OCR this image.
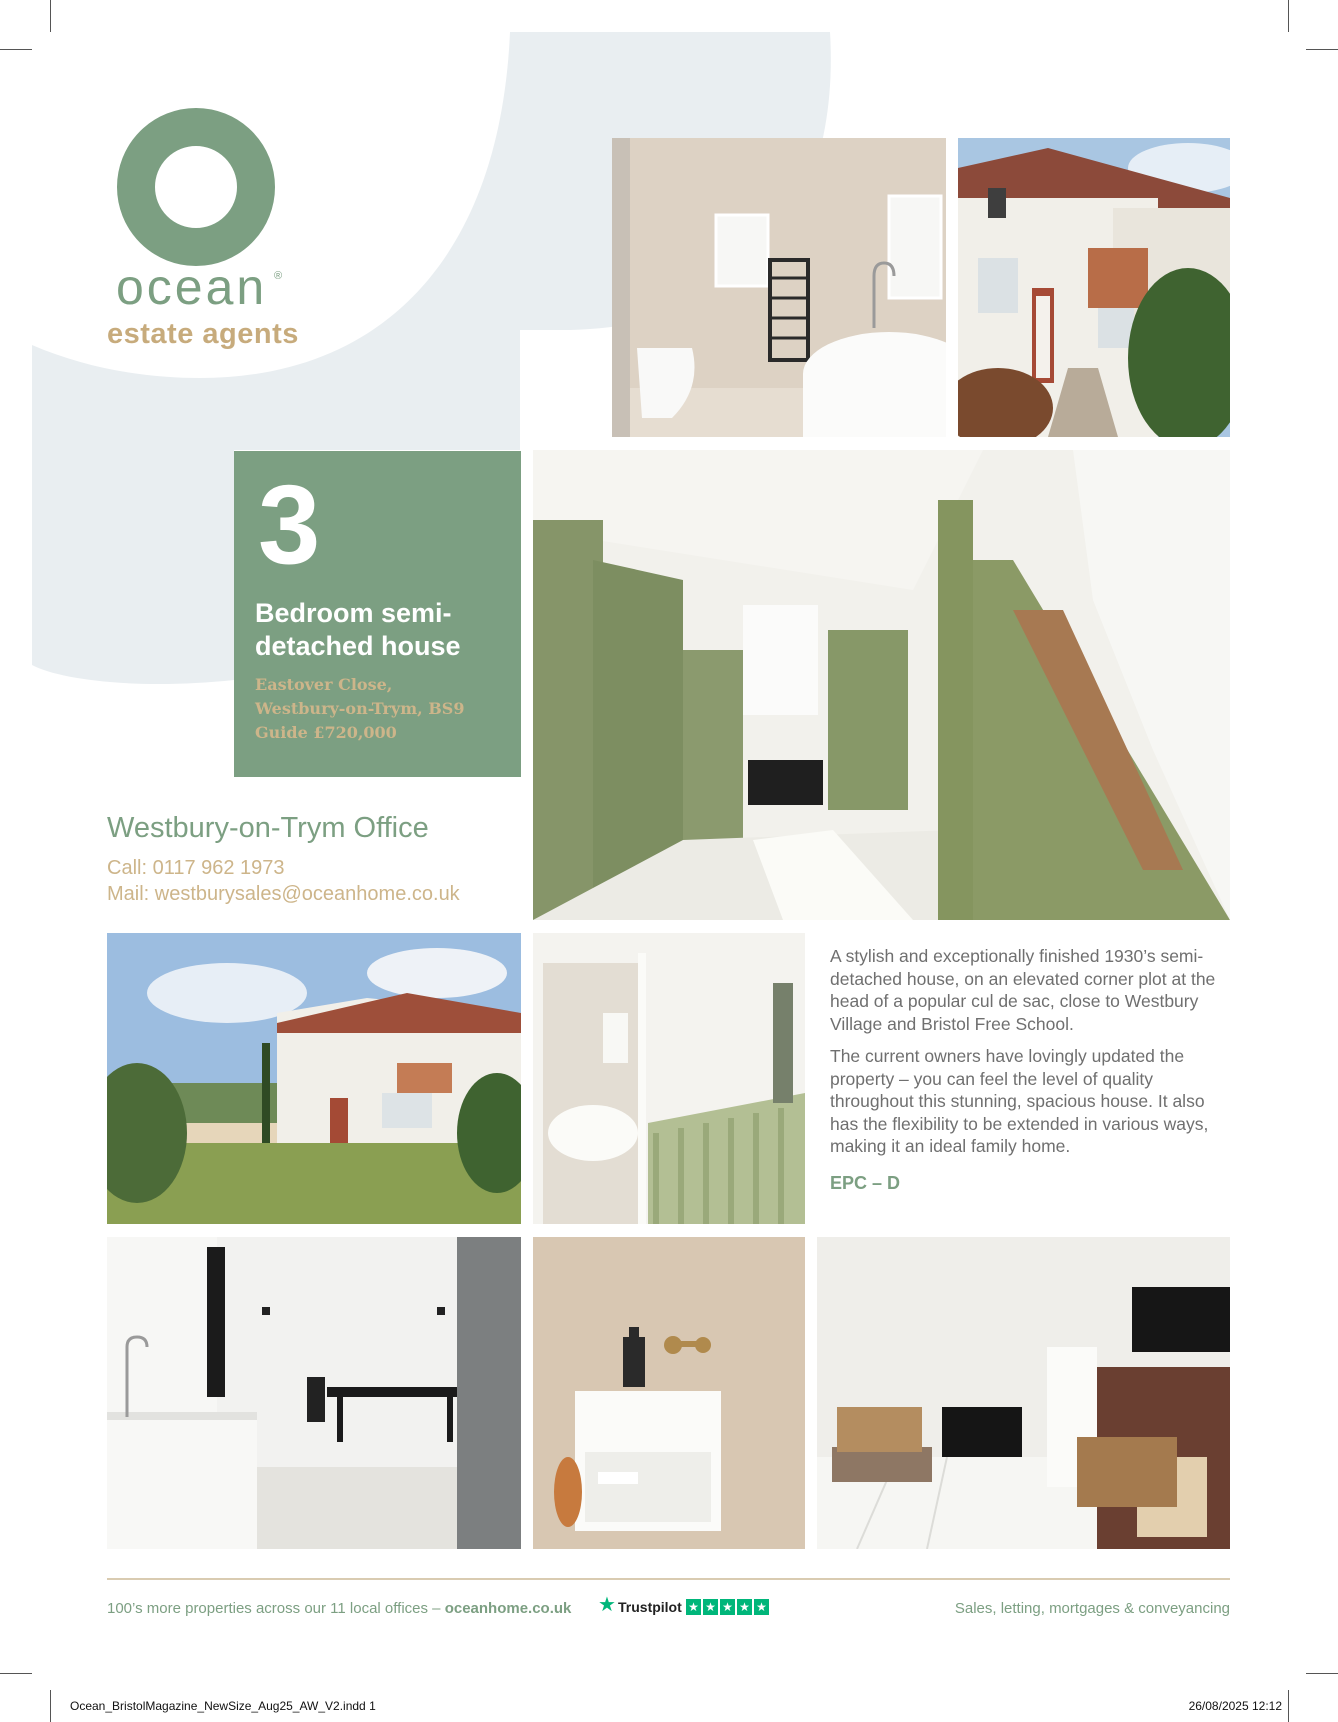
ocean ®
estate agents
3
Bedroom semi-detached house
Eastover Close,
Westbury-on-Trym, BS9
Guide £720,000
Westbury-on-Trym Office
Call: 0117 962 1973
Mail: westburysales@oceanhome.co.uk
A stylish and exceptionally finished 1930’s semi-detached house, on an elevated corner plot at the head of a popular cul de sac, close to Westbury Village and Bristol Free School.
The current owners have lovingly updated the property – you can feel the level of quality throughout this stunning, spacious house. It also has the flexibility to be extended in various ways, making it an ideal family home.
EPC – D
100’s more properties across our 11 local offices – oceanhome.co.uk ★ Trustpilot ★ ★ ★ ★ ★	Sales, letting, mortgages & conveyancing
Ocean_BristolMagazine_NewSize_Aug25_AW_V2.indd 1	26/08/2025 12:12
